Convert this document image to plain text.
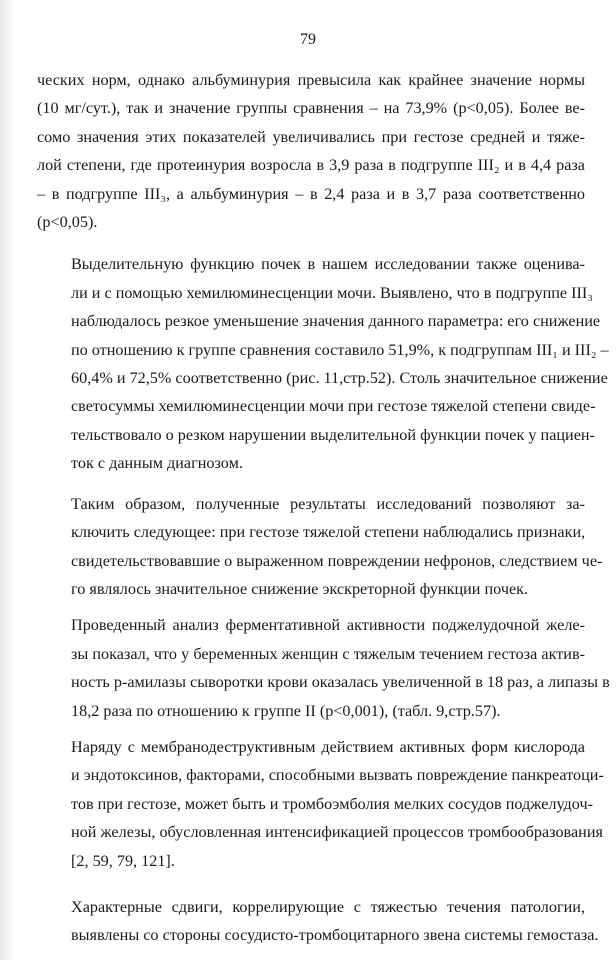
79

ческих норм, однако альбуминурия превысила как крайнее значение нормы
(10 мг/сут.), так и значение группы сравнения – на 73,9% (p<0,05). Более ве-
сомо значения этих показателей увеличивались при гестозе средней и тяже-
лой степени, где протеинурия возросла в 3,9 раза в подгруппе III₂ и в 4,4 раза
– в подгруппе III₃, а альбуминурия – в 2,4 раза и в 3,7 раза соответственно
(p<0,05).

Выделительную функцию почек в нашем исследовании также оценива-
ли и с помощью хемилюминесценции мочи. Выявлено, что в подгруппе III₃
наблюдалось резкое уменьшение значения данного параметра: его снижение
по отношению к группе сравнения составило 51,9%, к подгруппам III₁ и III₂ –
60,4% и 72,5% соответственно (рис. 11,стр.52). Столь значительное снижение
светосуммы хемилюминесценции мочи при гестозе тяжелой степени свиде-
тельствовало о резком нарушении выделительной функции почек у пациен-
ток с данным диагнозом.

Таким образом, полученные результаты исследований позволяют за-
ключить следующее: при гестозе тяжелой степени наблюдались признаки,
свидетельствовавшие о выраженном повреждении нефронов, следствием че-
го являлось значительное снижение экскреторной функции почек.

Проведенный анализ ферментативной активности поджелудочной желе-
зы показал, что у беременных женщин с тяжелым течением гестоза актив-
ность р-амилазы сыворотки крови оказалась увеличенной в 18 раз, а липазы в
18,2 раза по отношению к группе II (p<0,001), (табл. 9,стр.57).

Наряду с мембранодеструктивным действием активных форм кислорода
и эндотоксинов, факторами, способными вызвать повреждение панкреатоци-
тов при гестозе, может быть и тромбоэмболия мелких сосудов поджелудоч-
ной железы, обусловленная интенсификацией процессов тромбообразования
[2, 59, 79, 121].

Характерные сдвиги, коррелирующие с тяжестью течения патологии,
выявлены со стороны сосудисто-тромбоцитарного звена системы гемостаза.
